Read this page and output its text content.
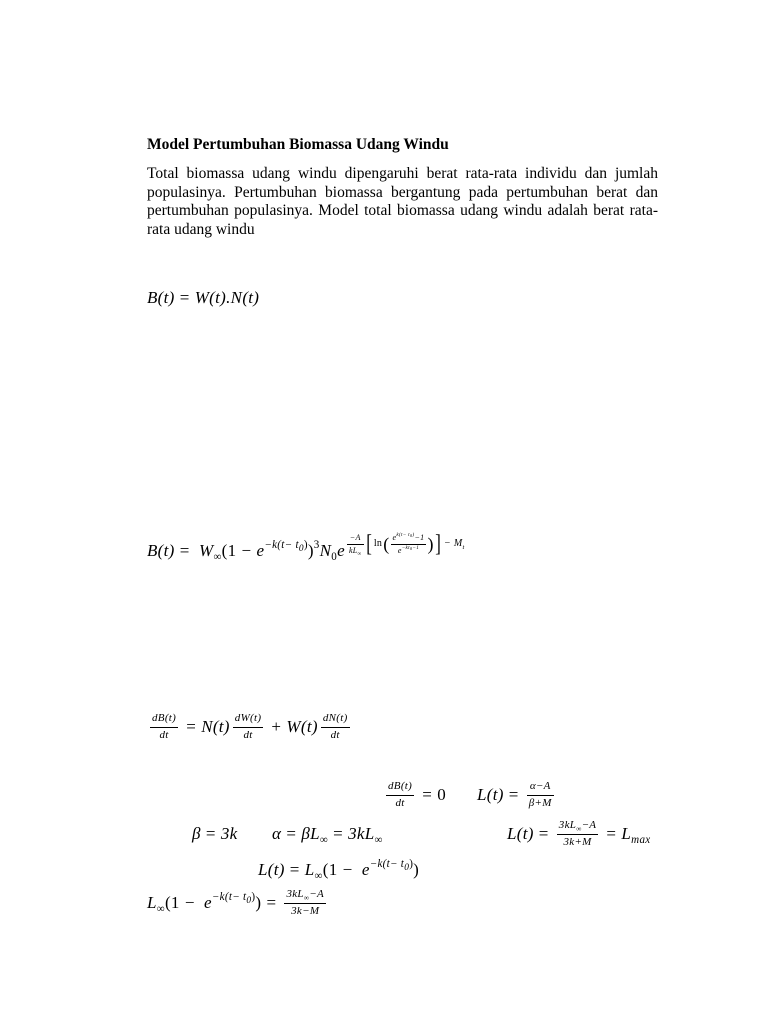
Model Pertumbuhan Biomassa Udang Windu
Total biomassa udang windu dipengaruhi berat rata-rata individu dan jumlah
populasinya. Pertumbuhan biomassa bergantung pada pertumbuhan berat dan
pertumbuhan populasinya. Model total biomassa udang windu adalah berat rata-
rata udang windu
B(t) = W(t).N(t)
$B(t) = W_\infty$ ($1 - e^{-k(t- t_0)}$ )$^3$ $N_0$ e $\frac{-A}{kL_\infty}$ [ ln ( $\frac{e^{k(t- t_0)}-1}{e^{-kt_0-1}}$ ) ] − $M_t$
$\frac{dB(t)}{dt} = N(t) \frac{dW(t)}{dt} + W(t) \frac{dN(t)}{dt}$
$\frac{dB(t)}{dt} = 0$ $L(t) = \frac{\alpha-A}{\beta+M}$
β = 3k $\alpha = \beta L_\infty = 3kL_\infty$	$L(t) = \frac{3kL_\infty-A}{3k+M} = L_{max}$
$L(t) = L_\infty$ ($1 - e^{-k(t- t_0)}$ )
$L_\infty$ ($1 - e^{-k(t- t_0)}$ ) = $\frac{3kL_\infty-A}{3k-M}$
